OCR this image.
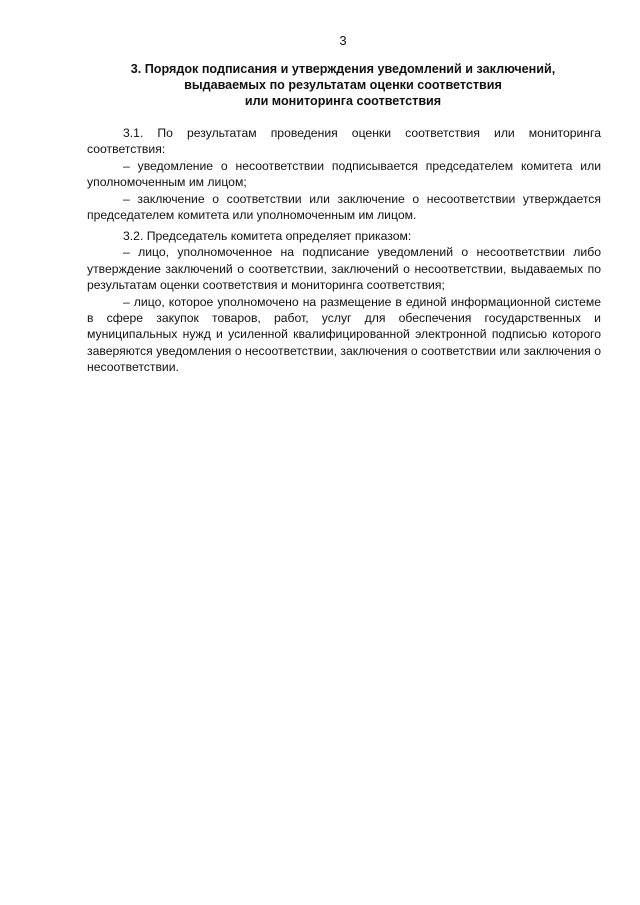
3
3. Порядок подписания и утверждения уведомлений и заключений,
выдаваемых по результатам оценки соответствия
или мониторинга соответствия

3.1. По результатам проведения оценки соответствия или мониторинга соответствия:

– уведомление о несоответствии подписывается председателем комитета или уполномоченным им лицом;

– заключение о соответствии или заключение о несоответствии утверждается председателем комитета или уполномоченным им лицом.

3.2. Председатель комитета определяет приказом:

– лицо, уполномоченное на подписание уведомлений о несоответствии либо утверждение заключений о соответствии, заключений о несоответствии, выдаваемых по результатам оценки соответствия и мониторинга соответствия;

– лицо, которое уполномочено на размещение в единой информационной системе в сфере закупок товаров, работ, услуг для обеспечения государственных и муниципальных нужд и усиленной квалифицированной электронной подписью которого заверяются уведомления о несоответствии, заключения о соответствии или заключения о несоответствии.
